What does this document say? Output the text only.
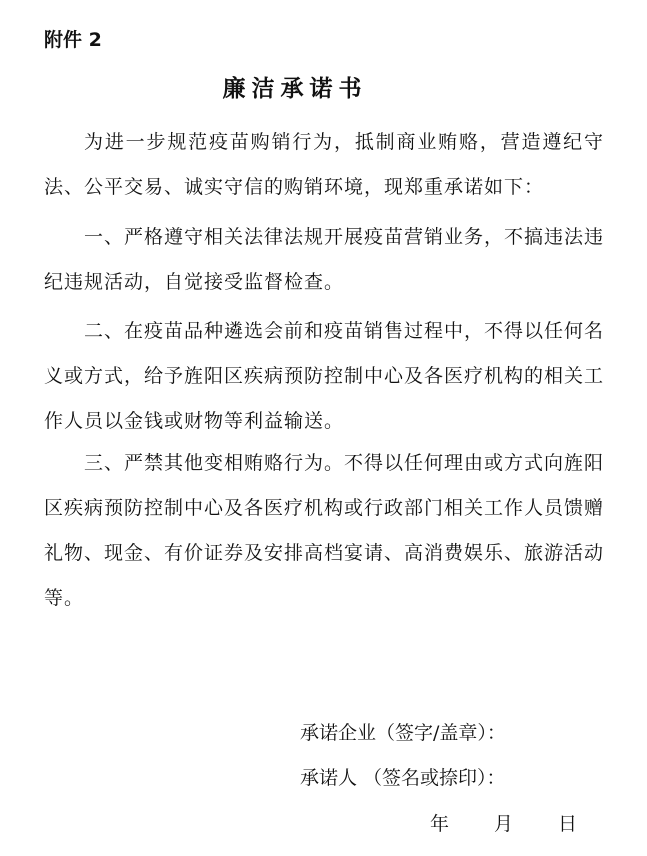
附件 2
廉洁承诺书

为进一步规范疫苗购销行为，抵制商业贿赂，营造遵纪守法、公平交易、诚实守信的购销环境，现郑重承诺如下：

一、严格遵守相关法律法规开展疫苗营销业务，不搞违法违纪违规活动，自觉接受监督检查。

二、在疫苗品种遴选会前和疫苗销售过程中，不得以任何名义或方式，给予旌阳区疾病预防控制中心及各医疗机构的相关工作人员以金钱或财物等利益输送。

三、严禁其他变相贿赂行为。不得以任何理由或方式向旌阳区疾病预防控制中心及各医疗机构或行政部门相关工作人员馈赠礼物、现金、有价证券及安排高档宴请、高消费娱乐、旅游活动等。

承诺企业（签字/盖章）：
承诺人 （签名或捺印）：
年 月 日
